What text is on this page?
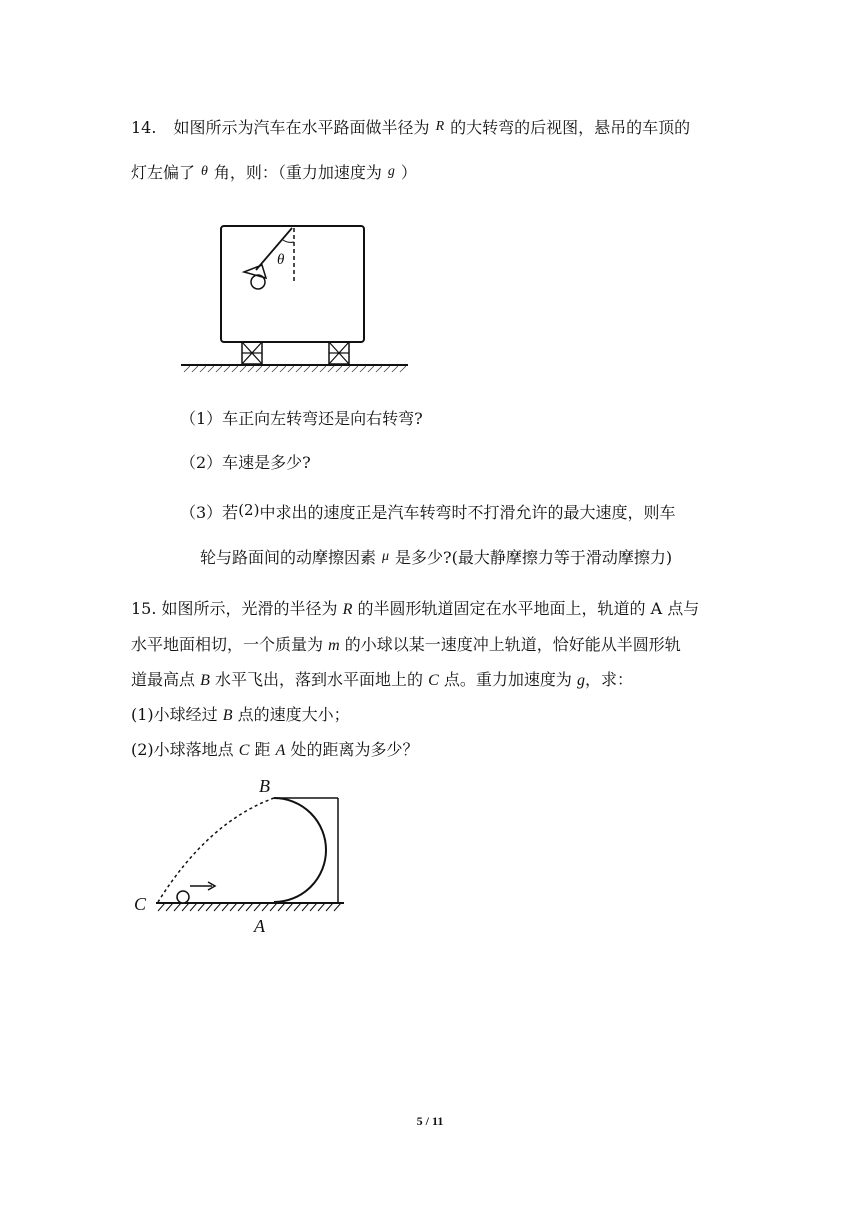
14. 如图所示为汽车在水平路面做半径为 R 的大转弯的后视图，悬吊的车顶的
灯左偏了 θ 角，则：（重力加速度为 g ）
θ
（1）车正向左转弯还是向右转弯?
（2）车速是多少?
（3）若(2)中求出的速度正是汽车转弯时不打滑允许的最大速度，则车
轮与路面间的动摩擦因素 μ 是多少?(最大静摩擦力等于滑动摩擦力)
15. 如图所示，光滑的半径为 R 的半圆形轨道固定在水平地面上，轨道的 A 点与
水平地面相切，一个质量为 m 的小球以某一速度冲上轨道，恰好能从半圆形轨
道最高点 B 水平飞出，落到水平面地上的 C 点。重力加速度为 g，求：
(1)小球经过 B 点的速度大小；
(2)小球落地点 C 距 A 处的距离为多少？
B
C
A
5 / 11
